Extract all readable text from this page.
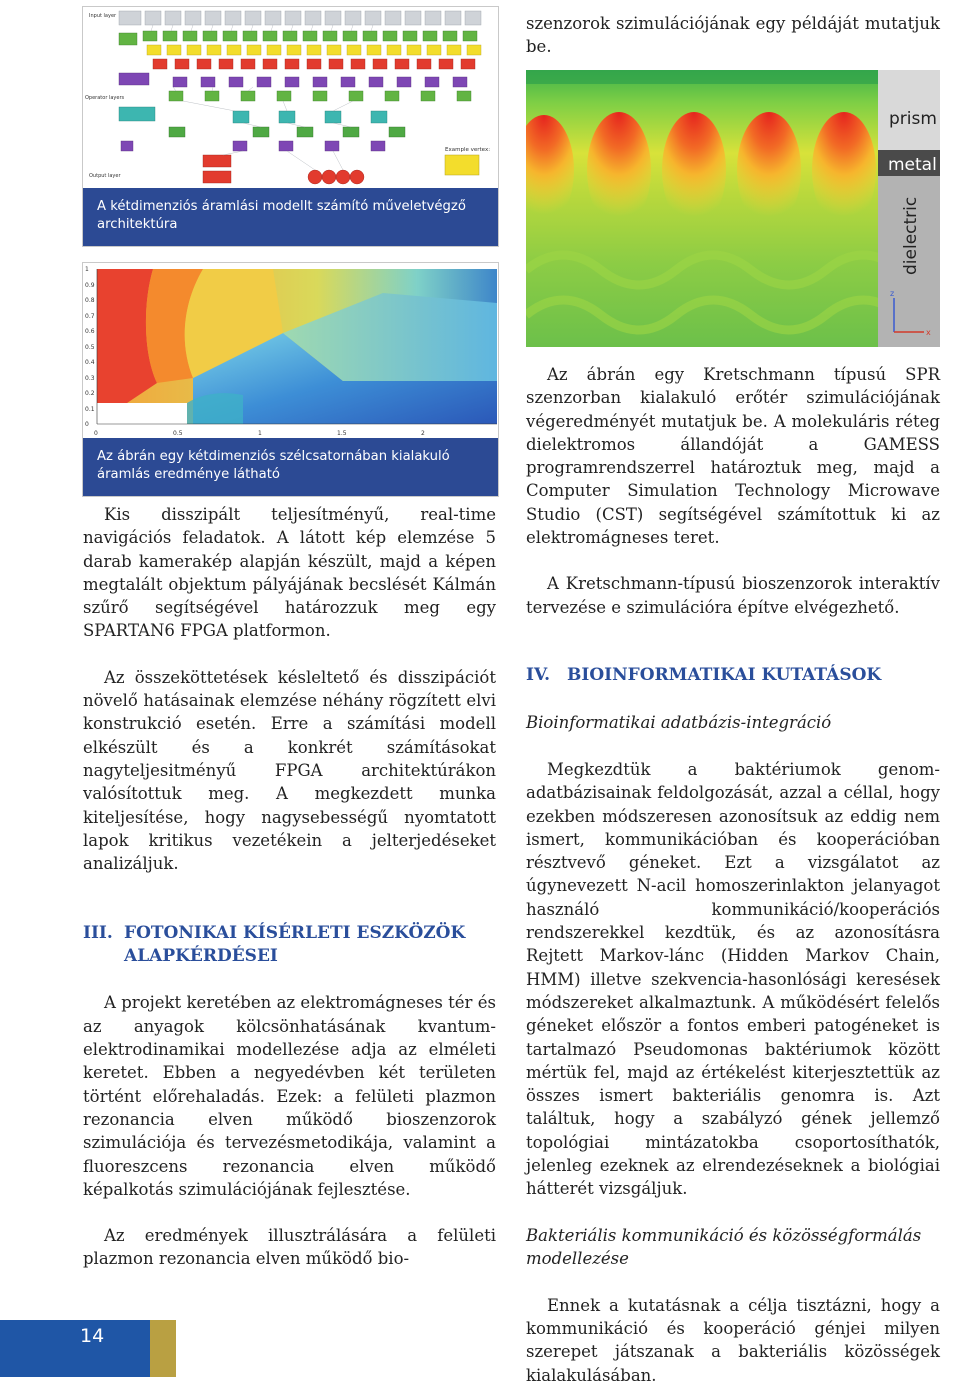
Input layer
Operator layers
Output layer
Example vertex:
A kétdimenziós áramlási modellt számító műveletvégző architektúra
1
0.9
0.8
0.7
0.6
0.5
0.4
0.3
0.2
0.1
0
0	0.5	1	1.5	2
Az ábrán egy kétdimenziós szélcsatornában kialakuló áramlás eredménye látható

Kis disszipált teljesítményű, real-time navigációs feladatok. A látott kép elemzése 5 darab kamerakép alapján készült, majd a képen megtalált objektum pályájának becslését Kálmán szűrő segítségével határozzuk meg egy SPARTAN6 FPGA platformon.

Az összeköttetések késleltető és disszipációt növelő hatásainak elemzése néhány rögzített elvi konstrukció esetén. Erre a számítási modell elkészült és a konkrét számításokat nagyteljesitményű FPGA architektúrákon valósítottuk meg. A megkezdett munka kiteljesítése, hogy nagysebességű nyomtatott lapok kritikus vezetékein a jelterjedéseket analizáljuk.

III. FOTONIKAI KÍSÉRLETI ESZKÖZÖK
ALAPKÉRDÉSEI

A projekt keretében az elektromágneses tér és az anyagok kölcsönhatásának kvantum-elektrodinamikai modellezése adja az elméleti keretet. Ebben a negyedévben két területen történt előrehaladás. Ezek: a felületi plazmon rezonancia elven működő bioszenzorok szimulációja és tervezésmetodikája, valamint a fluoreszcens rezonancia elven működő képalkotás szimulációjának fejlesztése.

Az eredmények illusztrálására a felületi plazmon rezonancia elven működő bio-

szenzorok szimulációjának egy példáját mutatjuk be.

prism
metal
dielectric
z
x

Az ábrán egy Kretschmann típusú SPR szenzorban kialakuló erőtér szimulációjának végeredményét mutatjuk be. A molekuláris réteg dielektromos állandóját a GAMESS programrendszerrel határoztuk meg, majd a Computer Simulation Technology Microwave Studio (CST) segítségével számítottuk ki az elektromágneses teret.

A Kretschmann-típusú bioszenzorok interaktív tervezése e szimulációra építve elvégezhető.

IV. BIOINFORMATIKAI KUTATÁSOK
Bioinformatikai adatbázis-integráció

Megkezdtük a baktériumok genom-adatbázisainak feldolgozását, azzal a céllal, hogy ezekben módszeresen azonosítsuk az eddig nem ismert, kommunikációban és kooperációban résztvevő géneket. Ezt a vizsgálatot az úgynevezett N-acil homoszerinlakton jelanyagot használó kommunikáció/kooperációs rendszerekkel kezdtük, és az azonosításra Rejtett Markov-lánc (Hidden Markov Chain, HMM) illetve szekvencia-hasonlósági keresések módszereket alkalmaztunk. A működésért felelős géneket először a fontos emberi patogéneket is tartalmazó Pseudomonas baktériumok között mértük fel, majd az értékelést kiterjesztettük az összes ismert bakteriális genomra is. Azt találtuk, hogy a szabályzó gének jellemző topológiai mintázatokba csoportosíthatók, jelenleg ezeknek az elrendezéseknek a biológiai hátterét vizsgáljuk.

Bakteriális kommunikáció és közösségformálás
modellezése

Ennek a kutatásnak a célja tisztázni, hogy a kommunikáció és kooperáció génjei milyen szerepet játszanak a bakteriális közösségek kialakulásában.

14
